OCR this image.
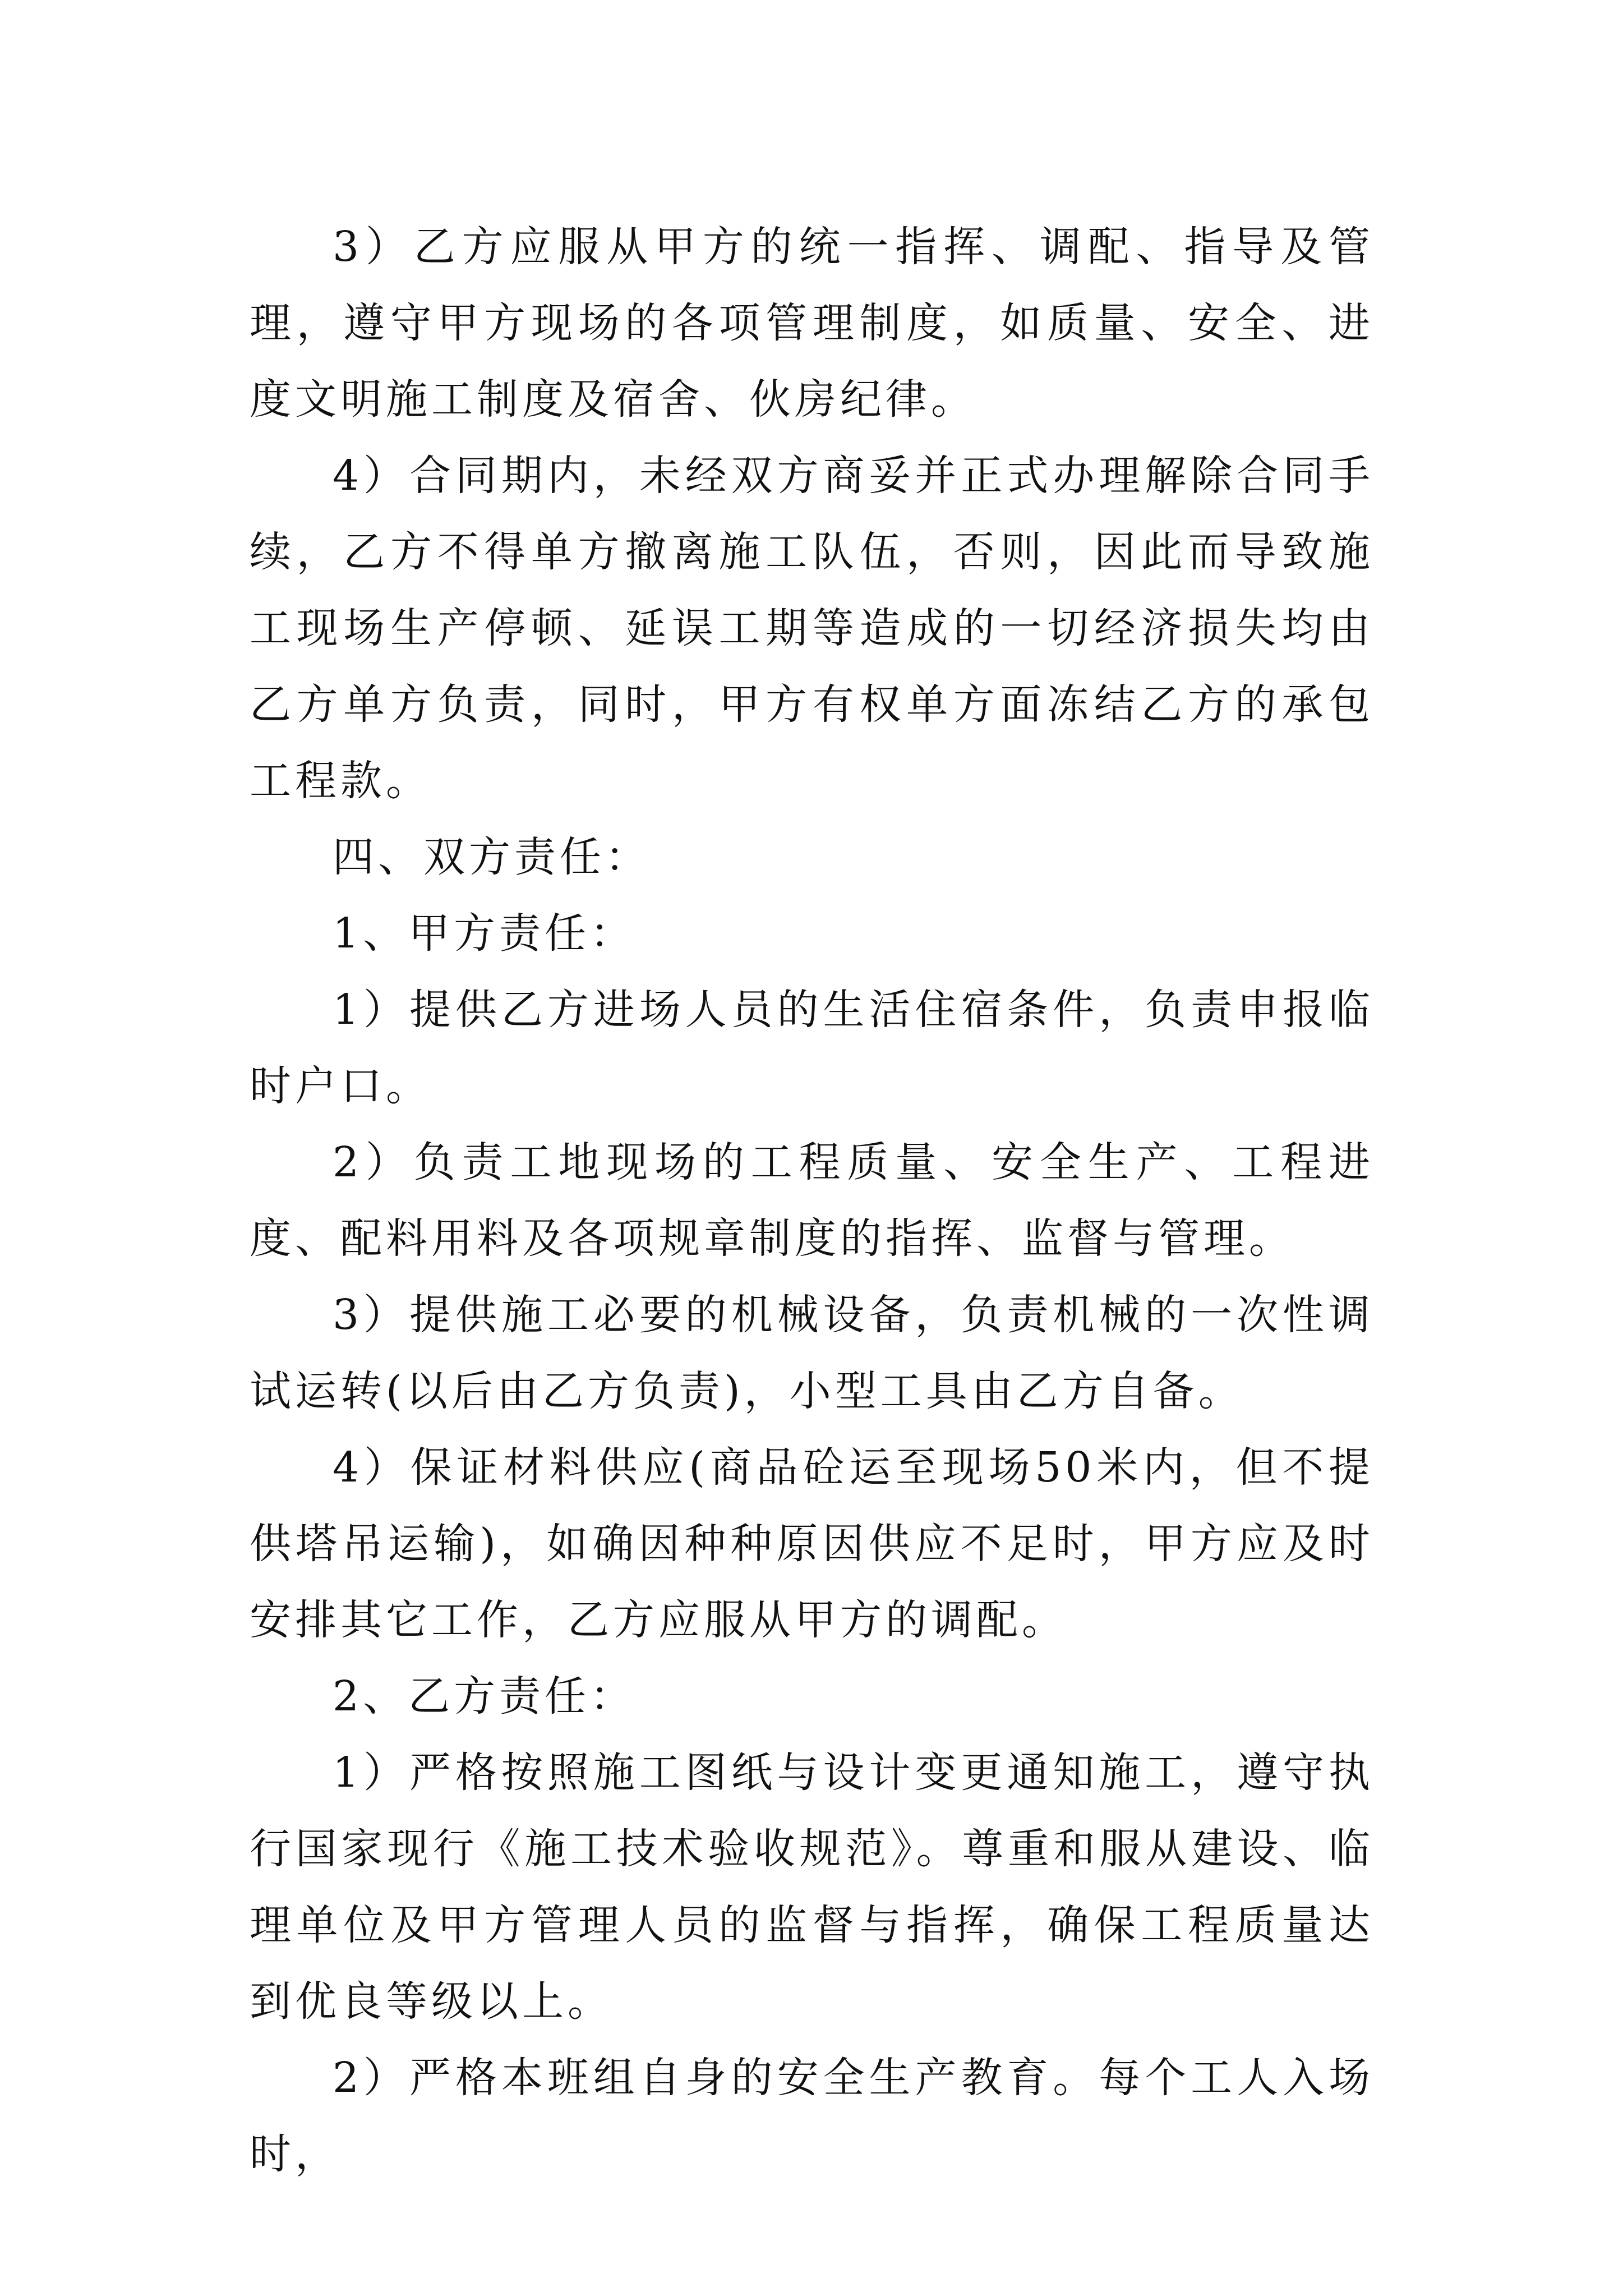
3）乙方应服从甲方的统一指挥、调配、指导及管理，遵守甲方现场的各项管理制度，如质量、安全、进度文明施工制度及宿舍、伙房纪律。

4）合同期内，未经双方商妥并正式办理解除合同手续，乙方不得单方撤离施工队伍，否则，因此而导致施工现场生产停顿、延误工期等造成的一切经济损失均由乙方单方负责，同时，甲方有权单方面冻结乙方的承包工程款。

四、双方责任：

1、甲方责任：

1）提供乙方进场人员的生活住宿条件，负责申报临时户口。

2）负责工地现场的工程质量、安全生产、工程进度、配料用料及各项规章制度的指挥、监督与管理。

3）提供施工必要的机械设备，负责机械的一次性调试运转(以后由乙方负责)，小型工具由乙方自备。

4）保证材料供应(商品砼运至现场50米内，但不提供塔吊运输)，如确因种种原因供应不足时，甲方应及时安排其它工作，乙方应服从甲方的调配。

2、乙方责任：

1）严格按照施工图纸与设计变更通知施工，遵守执行国家现行《施工技术验收规范》。尊重和服从建设、临理单位及甲方管理人员的监督与指挥，确保工程质量达到优良等级以上。

2）严格本班组自身的安全生产教育。每个工人入场时，
